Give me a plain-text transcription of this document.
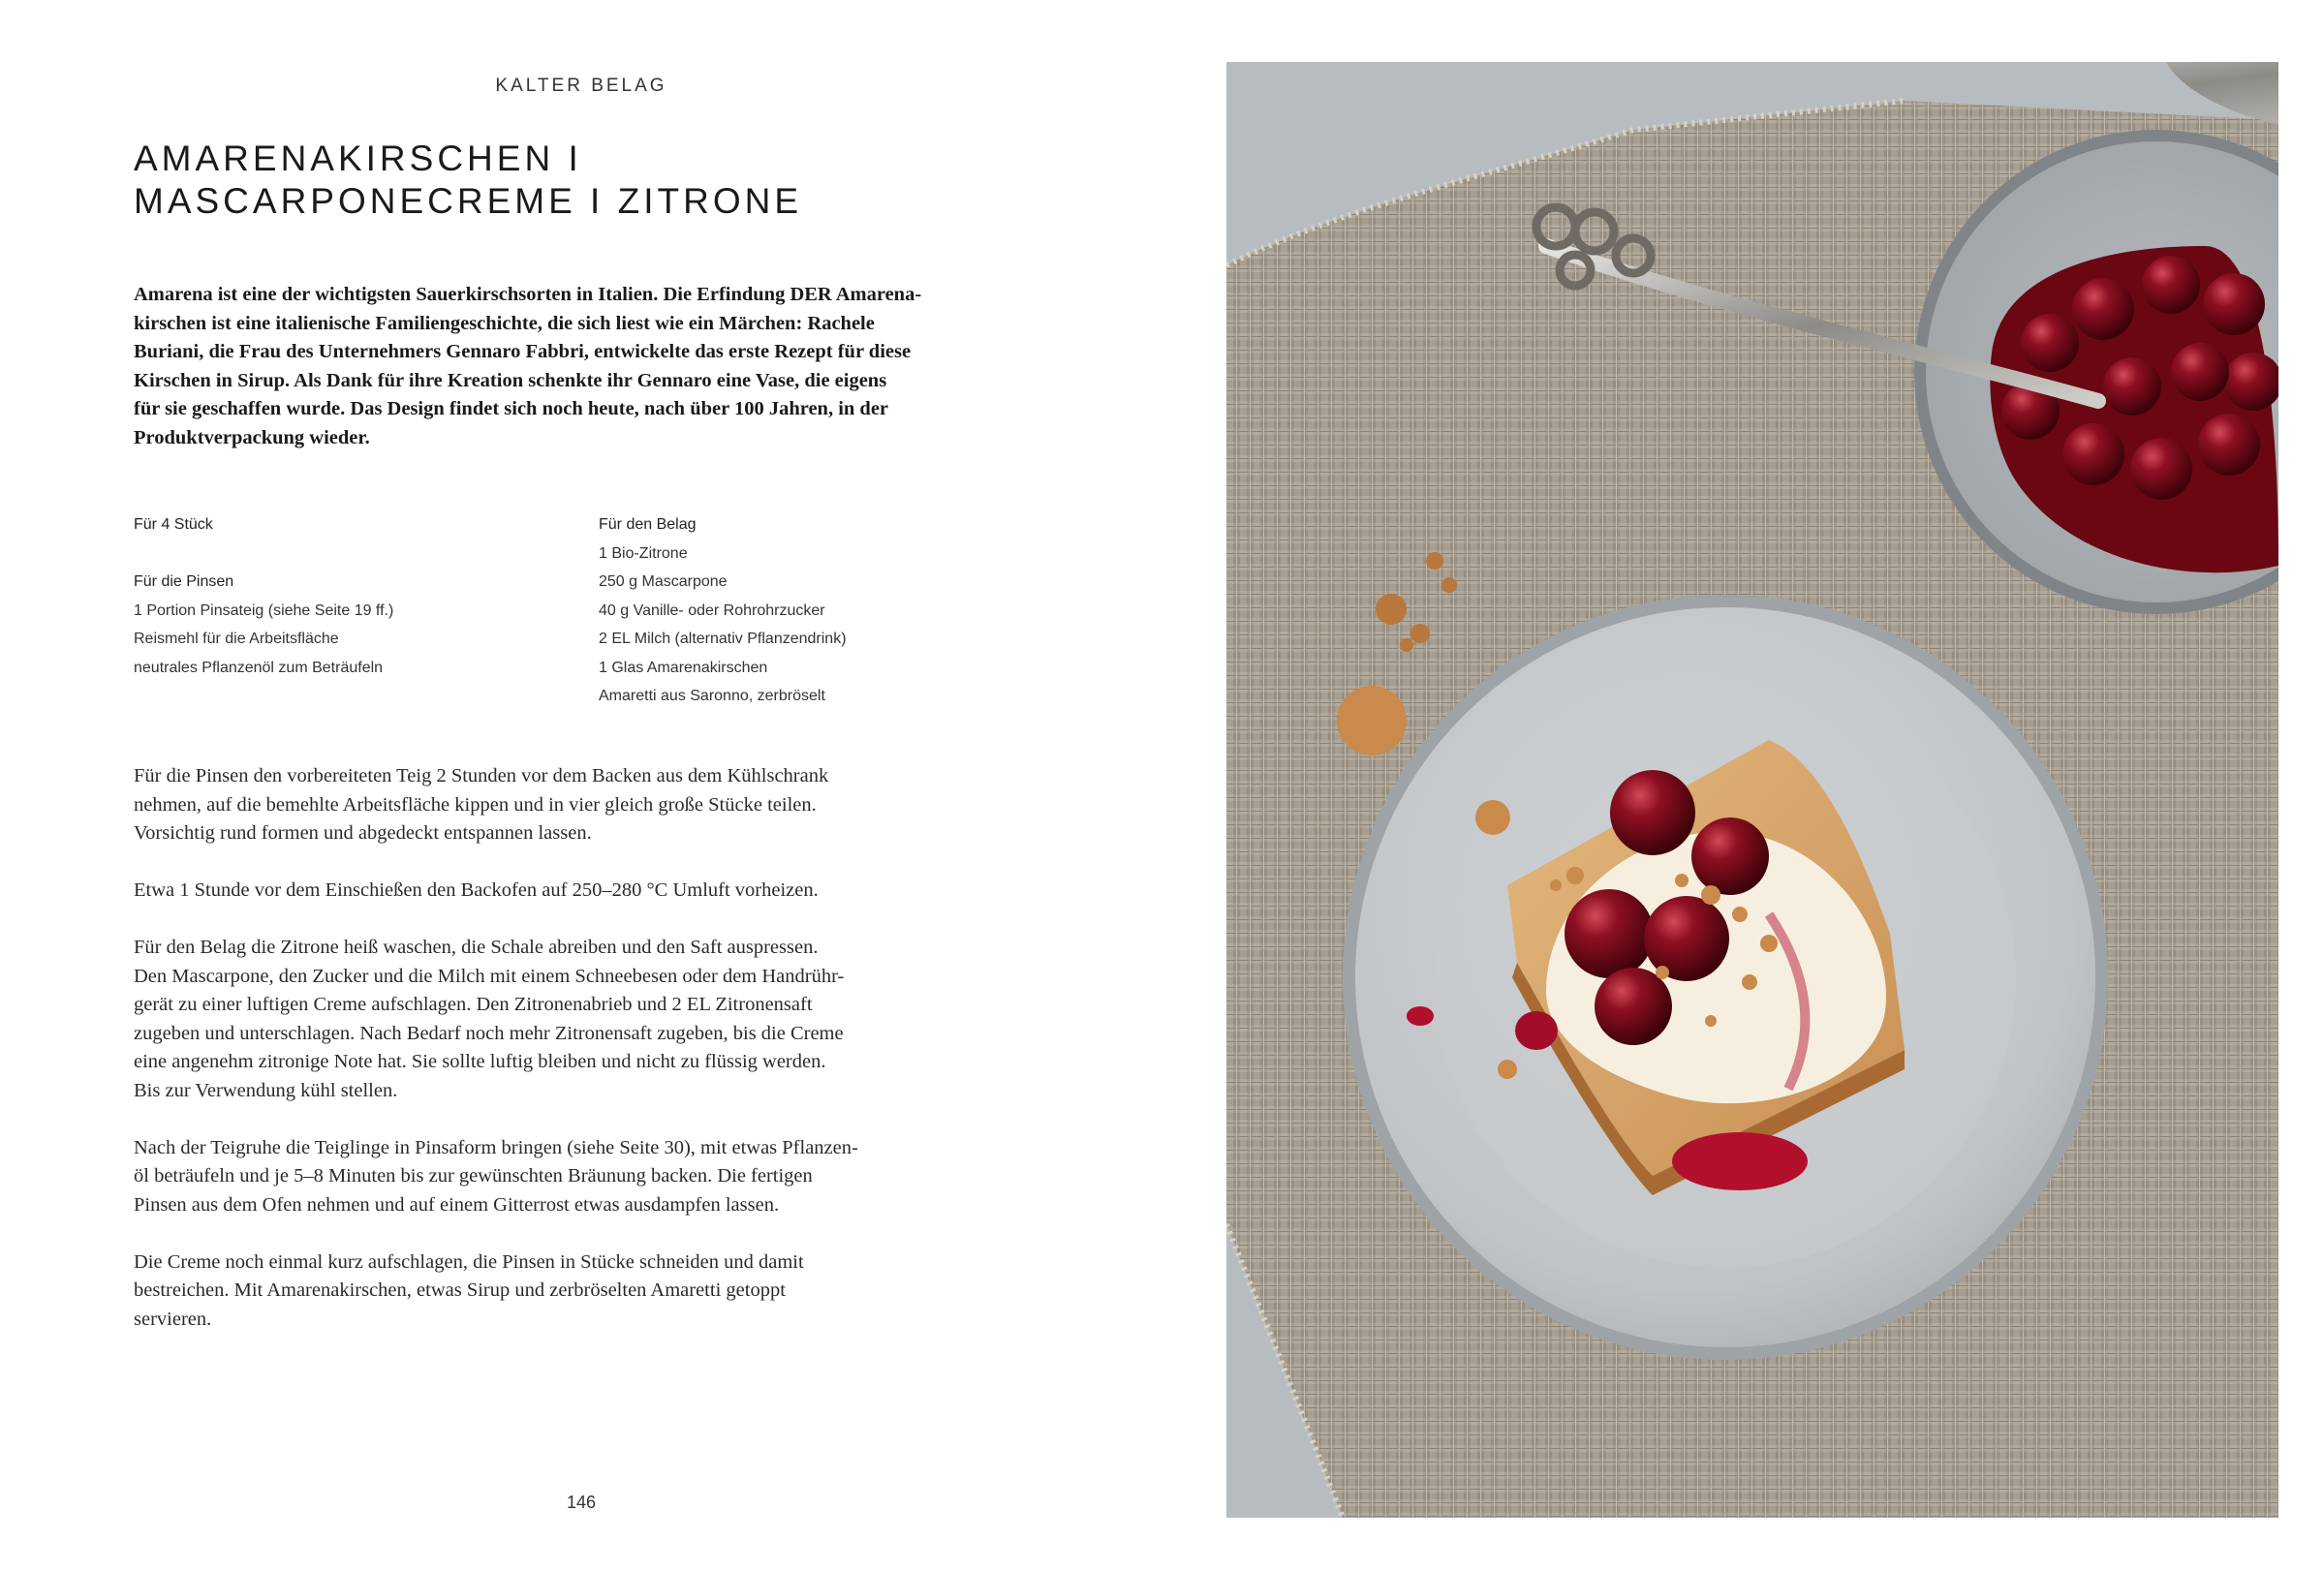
KALTER BELAG
AMARENAKIRSCHEN I
MASCARPONECREME I ZITRONE

Amarena ist eine der wichtigsten Sauerkirschsorten in Italien. Die Erfindung DER Amarena-
kirschen ist eine italienische Familiengeschichte, die sich liest wie ein Märchen: Rachele
Buriani, die Frau des Unternehmers Gennaro Fabbri, entwickelte das erste Rezept für diese
Kirschen in Sirup. Als Dank für ihre Kreation schenkte ihr Gennaro eine Vase, die eigens
für sie geschaffen wurde. Das Design findet sich noch heute, nach über 100 Jahren, in der
Produktverpackung wieder.

Für 4 Stück
Für die Pinsen
1 Portion Pinsateig (siehe Seite 19 ff.)
Reismehl für die Arbeitsfläche
neutrales Pflanzenöl zum Beträufeln
Für den Belag
1 Bio-Zitrone
250 g Mascarpone
40 g Vanille- oder Rohrohrzucker
2 EL Milch (alternativ Pflanzendrink)
1 Glas Amarenakirschen
Amaretti aus Saronno, zerbröselt

Für die Pinsen den vorbereiteten Teig 2 Stunden vor dem Backen aus dem Kühlschrank
nehmen, auf die bemehlte Arbeitsfläche kippen und in vier gleich große Stücke teilen.
Vorsichtig rund formen und abgedeckt entspannen lassen.

Etwa 1 Stunde vor dem Einschießen den Backofen auf 250–280 °C Umluft vorheizen.

Für den Belag die Zitrone heiß waschen, die Schale abreiben und den Saft auspressen.
Den Mascarpone, den Zucker und die Milch mit einem Schneebesen oder dem Handrühr-
gerät zu einer luftigen Creme aufschlagen. Den Zitronenabrieb und 2 EL Zitronensaft
zugeben und unterschlagen. Nach Bedarf noch mehr Zitronensaft zugeben, bis die Creme
eine angenehm zitronige Note hat. Sie sollte luftig bleiben und nicht zu flüssig werden.
Bis zur Verwendung kühl stellen.

Nach der Teigruhe die Teiglinge in Pinsaform bringen (siehe Seite 30), mit etwas Pflanzen-
öl beträufeln und je 5–8 Minuten bis zur gewünschten Bräunung backen. Die fertigen
Pinsen aus dem Ofen nehmen und auf einem Gitterrost etwas ausdampfen lassen.

Die Creme noch einmal kurz aufschlagen, die Pinsen in Stücke schneiden und damit
bestreichen. Mit Amarenakirschen, etwas Sirup und zerbröselten Amaretti getoppt
servieren.

146
